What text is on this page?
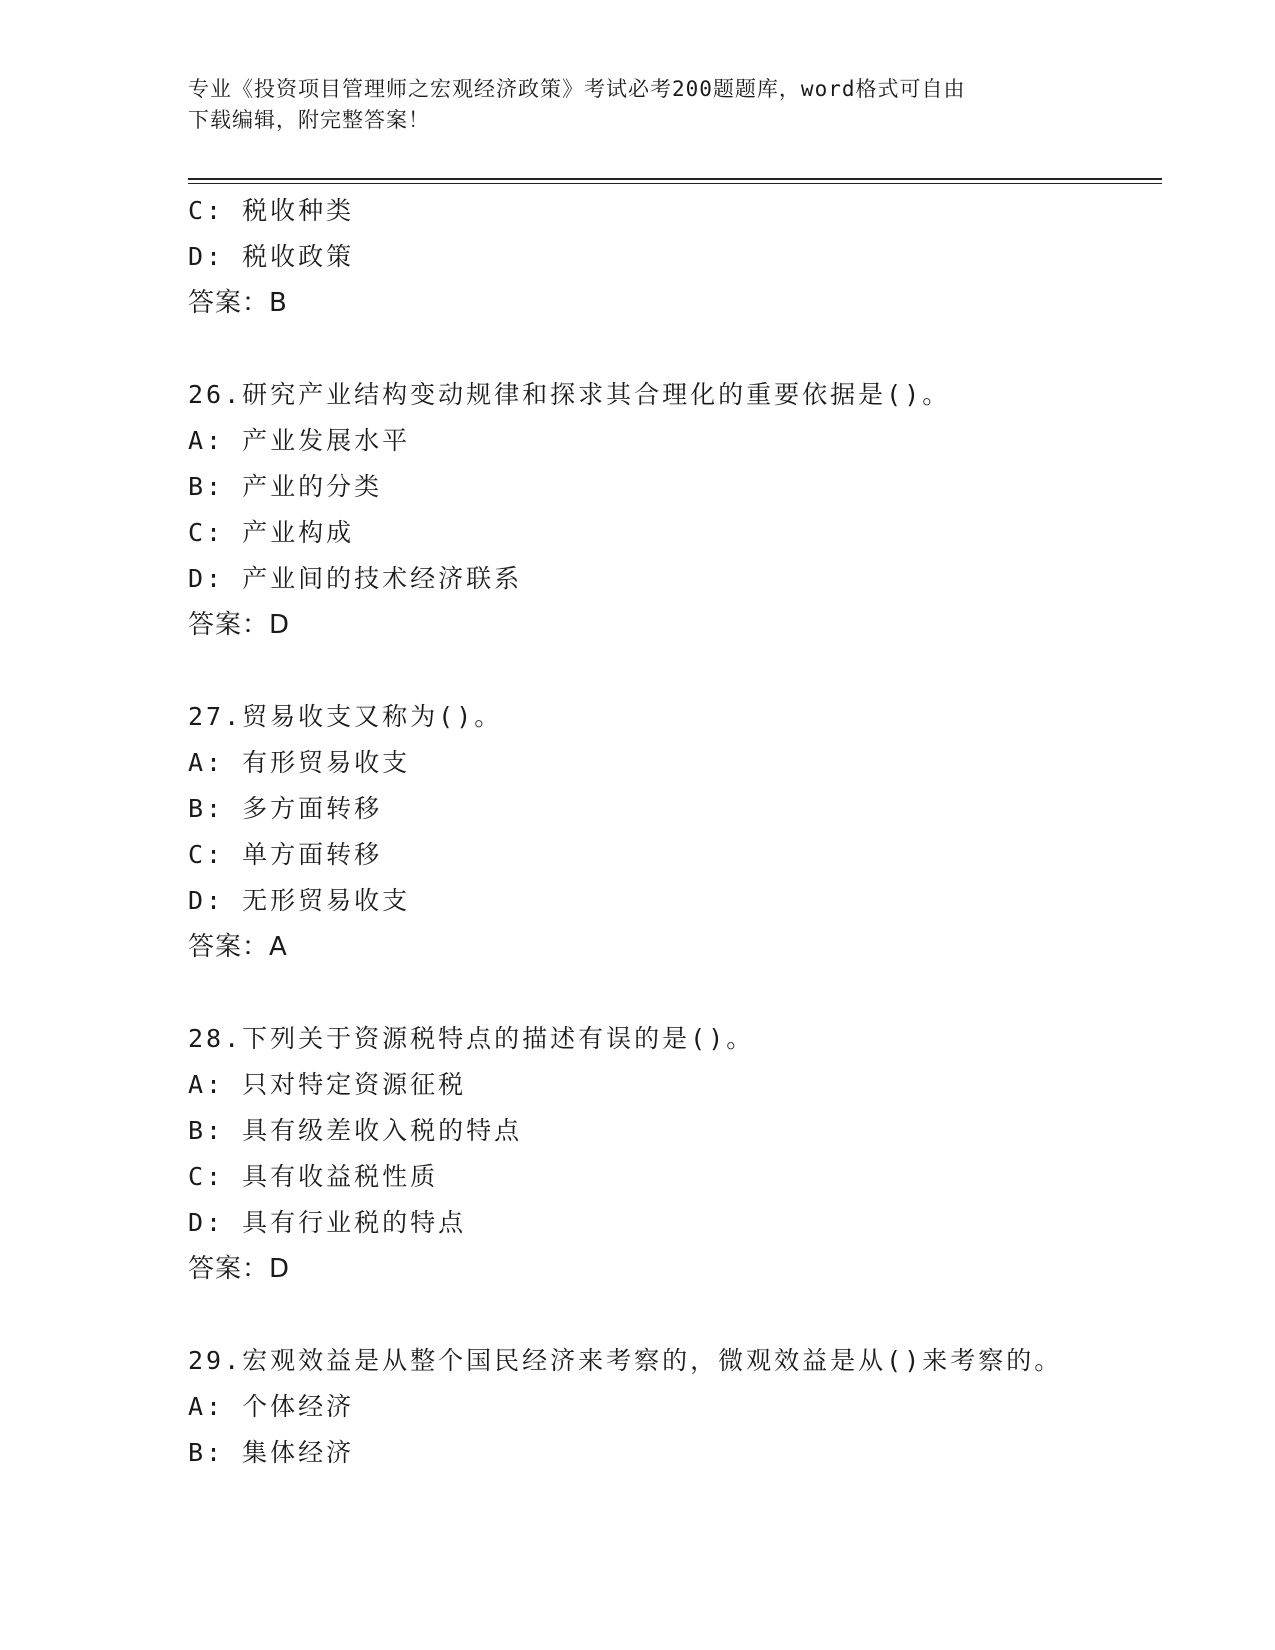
专业《投资项目管理师之宏观经济政策》考试必考200题题库，word格式可自由
下载编辑，附完整答案！
C: 税收种类
D: 税收政策
答案：B
26.研究产业结构变动规律和探求其合理化的重要依据是()。
A: 产业发展水平
B: 产业的分类
C: 产业构成
D: 产业间的技术经济联系
答案：D
27.贸易收支又称为()。
A: 有形贸易收支
B: 多方面转移
C: 单方面转移
D: 无形贸易收支
答案：A
28.下列关于资源税特点的描述有误的是()。
A: 只对特定资源征税
B: 具有级差收入税的特点
C: 具有收益税性质
D: 具有行业税的特点
答案：D
29.宏观效益是从整个国民经济来考察的，微观效益是从()来考察的。
A: 个体经济
B: 集体经济
